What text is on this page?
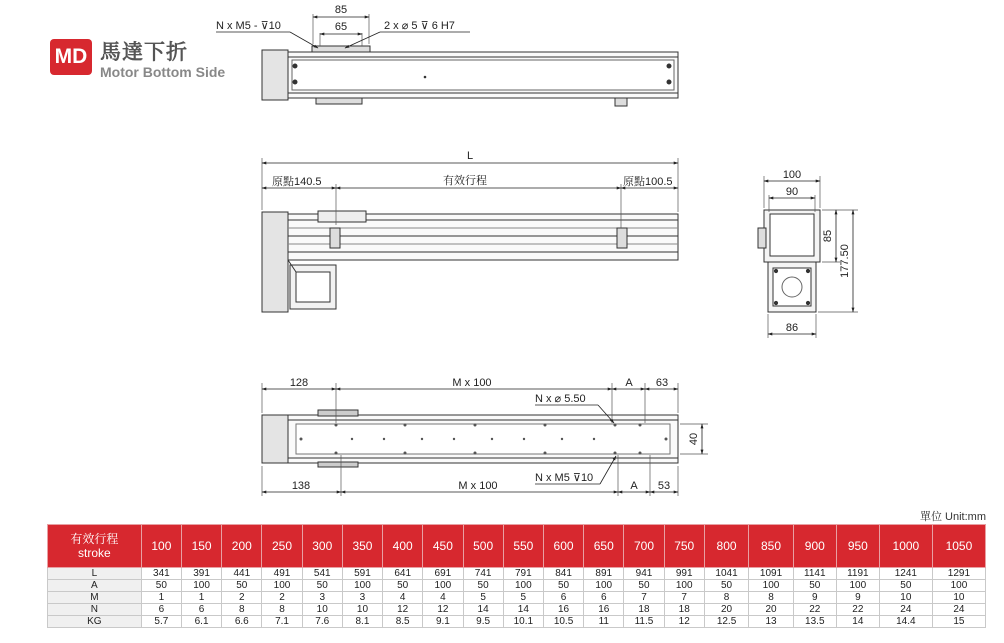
MD 馬達下折
Motor Bottom Side
85
65
N x M5 - ⊽10	2 x ⌀ 5 ⊽ 6 H7
L
原點140.5	有效行程	原點100.5
100
90
85
177.50
86
128	M x 100	A 63
N x ⌀ 5.50
40
138	M x 100
N x M5 ⊽10
A 53
單位 Unit:mm
有效行程
stroke	100	150	200	250	300	350	400	450	500	550	600	650	700	750	800	850	900	950	1000	1050
L	341	391	441	491	541	591	641	691	741	791	841	891	941	991	1041	1091	1141	1191	1241	1291
A	50	100	50	100	50	100	50	100	50	100	50	100	50	100	50	100	50	100	50	100
M	1	1	2	2	3	3	4	4	5	5	6	6	7	7	8	8	9	9	10	10
N	6	6	8	8	10	10	12	12	14	14	16	16	18	18	20	20	22	22	24	24
KG	5.7	6.1	6.6	7.1	7.6	8.1	8.5	9.1	9.5	10.1	10.5	11	11.5	12	12.5	13	13.5	14	14.4	15
